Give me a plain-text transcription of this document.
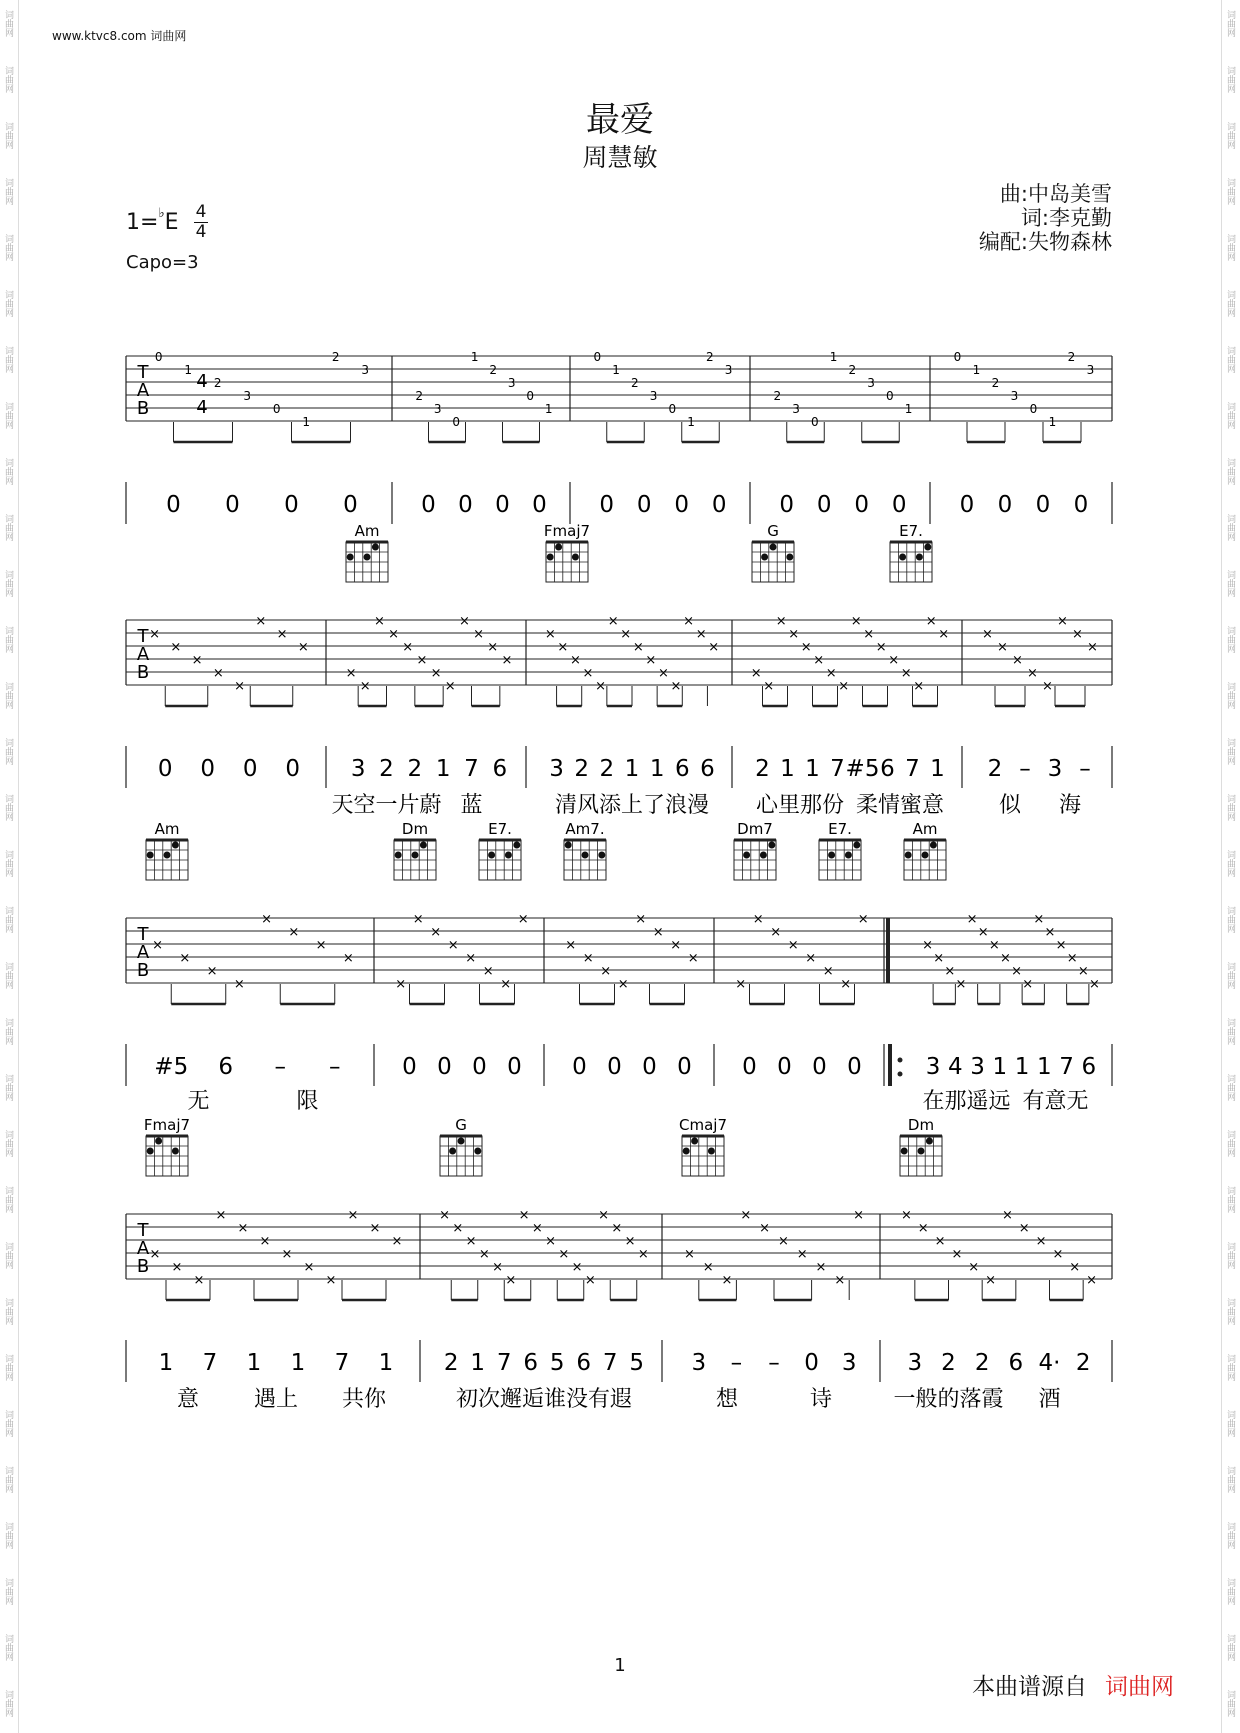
词曲网
词曲网
词曲网
词曲网
词曲网
词曲网
词曲网
词曲网
词曲网
词曲网
词曲网
词曲网
词曲网
词曲网
词曲网
词曲网
词曲网
词曲网
词曲网
词曲网
词曲网
词曲网
词曲网
词曲网
词曲网
词曲网
词曲网
词曲网
词曲网
词曲网
词曲网
词曲网
词曲网
词曲网
词曲网
词曲网
词曲网
词曲网
词曲网
词曲网
词曲网
词曲网
词曲网
词曲网
词曲网
词曲网
词曲网
词曲网
词曲网
词曲网
词曲网
词曲网
词曲网
词曲网
词曲网
词曲网
词曲网
词曲网
词曲网
词曲网
词曲网
词曲网
www.ktvc8.com 词曲网
最爱
周慧敏
曲:中岛美雪
词:李克勤
编配:失物森林
1=♭E 4
4
Capo=3
T
A
B
4
4
0 0 0 0
0
1
2
3
0
1
2
3
0 0 0 0
2
3
0
1
2
3
0
1
0 0 0 0
0
1
2
3
0
1
2
3
0 0 0 0
2
3
0
1
2
3
0
1
0 0 0 0
0
1
2
3
0
1
2
3
T
A
B
0 0 0 0
×
×
×
×
×
×
×
×
3 2 2 1 7 6
×
×
×
×
×
×
×
×
×
×
×
×
天空一片蔚 蓝
3 2 2 1 1 6 6
×
×
×
×
×
×
×
×
×
×
×
×
×
×
清风添上了浪漫
2 1 1 7 #5 6 7 1
×
×
×
×
×
×
×
×
×
×
×
×
×
×
×
×
心里那份 柔情蜜意
2 – 3 –
×
×
×
×
×
×
×
×
似 海
Am	Fmaj7	G	E7.
T
A
B
#5 6 – –
×
×
×
×
×
×
×
×
无	限
0 0 0 0
×
×
×
×
×
×
×
×
0 0 0 0
×
×
×
×
×
×
×
×
0 0 0 0
×
×
×
×
×
×
×
×
3 4 3 1 1 1 7 6
×
×
×
×
×
×
×
×
×
×
×
×
×
×
×
×
在那遥远 有意无
Am	Dm	E7.	Am7.	Dm7	E7.	Am
T
A
B
1 7 1 1 7 1
×
×
×
×
×
×
×
×
×
×
×
×
意 遇上 共你
2 1 7 6 5 6 7 5
×
×
×
×
×
×
×
×
×
×
×
×
×
×
×
×
初次邂逅谁没有遐
3 – – 0 3
×
×
×
×
×
×
×
×
×
×
想	诗
3 2 2 6 4· 2
×
×
×
×
×
×
×
×
×
×
×
×
一般的落霞 酒
Fmaj7	G	Cmaj7	Dm
1
本曲谱源自 词曲网
